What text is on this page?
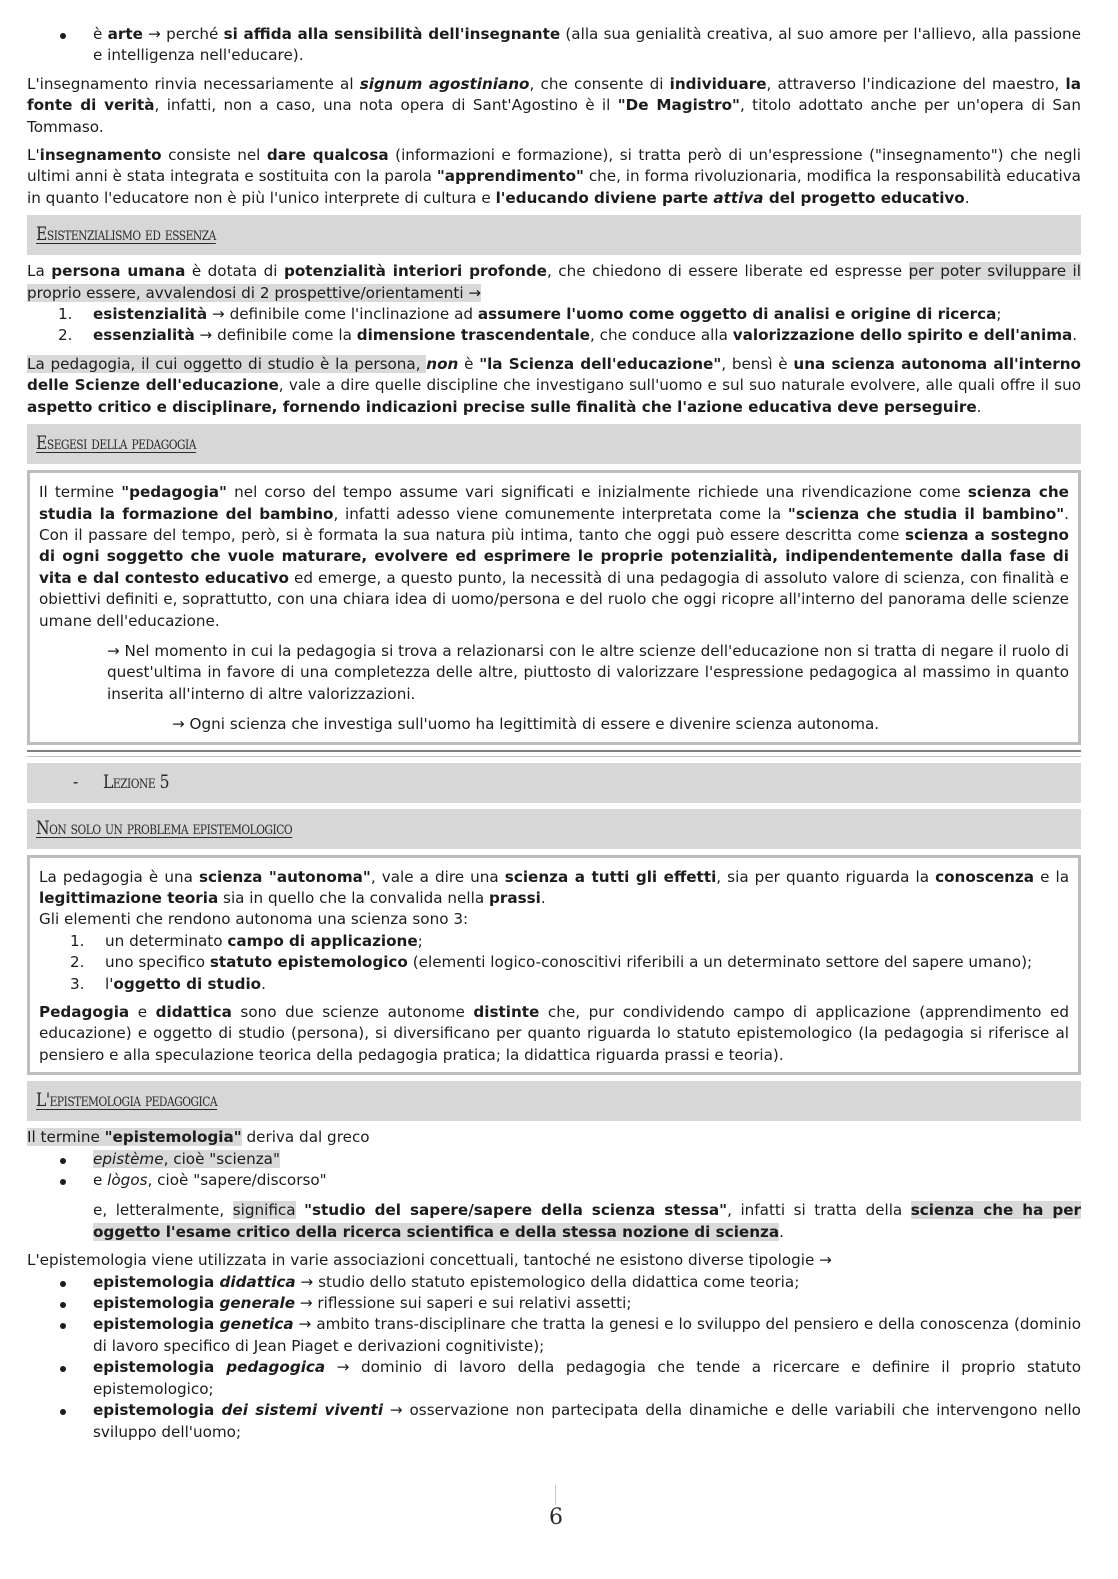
è arte → perché si affida alla sensibilità dell'insegnante (alla sua genialità creativa, al suo amore per l'allievo, alla passione e intelligenza nell'educare).

L'insegnamento rinvia necessariamente al signum agostiniano, che consente di individuare, attraverso l'indicazione del maestro, la fonte di verità, infatti, non a caso, una nota opera di Sant'Agostino è il "De Magistro", titolo adottato anche per un'opera di San Tommaso.

L'insegnamento consiste nel dare qualcosa (informazioni e formazione), si tratta però di un'espressione ("insegnamento") che negli ultimi anni è stata integrata e sostituita con la parola "apprendimento" che, in forma rivoluzionaria, modifica la responsabilità educativa in quanto l'educatore non è più l'unico interprete di cultura e l'educando diviene parte attiva del progetto educativo.

Esistenzialismo ed essenza

La persona umana è dotata di potenzialità interiori profonde, che chiedono di essere liberate ed espresse per poter sviluppare il proprio essere, avvalendosi di 2 prospettive/orientamenti →

1. esistenzialità → definibile come l'inclinazione ad assumere l'uomo come oggetto di analisi e origine di ricerca;
2. essenzialità → definibile come la dimensione trascendentale, che conduce alla valorizzazione dello spirito e dell'anima.

La pedagogia, il cui oggetto di studio è la persona, non è "la Scienza dell'educazione", bensì è una scienza autonoma all'interno delle Scienze dell'educazione, vale a dire quelle discipline che investigano sull'uomo e sul suo naturale evolvere, alle quali offre il suo aspetto critico e disciplinare, fornendo indicazioni precise sulle finalità che l'azione educativa deve perseguire.

Esegesi della pedagogia

Il termine "pedagogia" nel corso del tempo assume vari significati e inizialmente richiede una rivendicazione come scienza che studia la formazione del bambino, infatti adesso viene comunemente interpretata come la "scienza che studia il bambino". Con il passare del tempo, però, si è formata la sua natura più intima, tanto che oggi può essere descritta come scienza a sostegno di ogni soggetto che vuole maturare, evolvere ed esprimere le proprie potenzialità, indipendentemente dalla fase di vita e dal contesto educativo ed emerge, a questo punto, la necessità di una pedagogia di assoluto valore di scienza, con finalità e obiettivi definiti e, soprattutto, con una chiara idea di uomo/persona e del ruolo che oggi ricopre all'interno del panorama delle scienze umane dell'educazione.

→ Nel momento in cui la pedagogia si trova a relazionarsi con le altre scienze dell'educazione non si tratta di negare il ruolo di quest'ultima in favore di una completezza delle altre, piuttosto di valorizzare l'espressione pedagogica al massimo in quanto inserita all'interno di altre valorizzazioni.

→ Ogni scienza che investiga sull'uomo ha legittimità di essere e divenire scienza autonoma.

- Lezione 5
Non solo un problema epistemologico

La pedagogia è una scienza "autonoma", vale a dire una scienza a tutti gli effetti, sia per quanto riguarda la conoscenza e la legittimazione teoria sia in quello che la convalida nella prassi.

Gli elementi che rendono autonoma una scienza sono 3:

1. un determinato campo di applicazione;
2. uno specifico statuto epistemologico (elementi logico-conoscitivi riferibili a un determinato settore del sapere umano);
3. l'oggetto di studio.

Pedagogia e didattica sono due scienze autonome distinte che, pur condividendo campo di applicazione (apprendimento ed educazione) e oggetto di studio (persona), si diversificano per quanto riguarda lo statuto epistemologico (la pedagogia si riferisce al pensiero e alla speculazione teorica della pedagogia pratica; la didattica riguarda prassi e teoria).

L'epistemologia pedagogica

Il termine "epistemologia" deriva dal greco

epistème, cioè "scienza"
e lògos, cioè "sapere/discorso"

e, letteralmente, significa "studio del sapere/sapere della scienza stessa", infatti si tratta della scienza che ha per oggetto l'esame critico della ricerca scientifica e della stessa nozione di scienza.

L'epistemologia viene utilizzata in varie associazioni concettuali, tantoché ne esistono diverse tipologie →

epistemologia didattica → studio dello statuto epistemologico della didattica come teoria;
epistemologia generale → riflessione sui saperi e sui relativi assetti;
epistemologia genetica → ambito trans-disciplinare che tratta la genesi e lo sviluppo del pensiero e della conoscenza (dominio di lavoro specifico di Jean Piaget e derivazioni cognitiviste);
epistemologia pedagogica → dominio di lavoro della pedagogia che tende a ricercare e definire il proprio statuto epistemologico;
epistemologia dei sistemi viventi → osservazione non partecipata della dinamiche e delle variabili che intervengono nello sviluppo dell'uomo;
6
